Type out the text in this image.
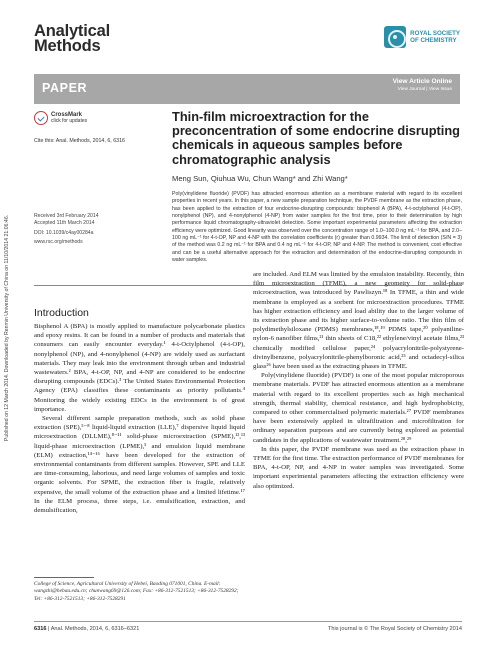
Published on 12 March 2014. Downloaded by Renmin University of China on 11/10/2014 21:06:46.
Analytical
Methods
ROYAL SOCIETY
OF CHEMISTRY
PAPER	View Article Online
View Journal | View Issue
CrossMark
click for updates
Cite this: Anal. Methods, 2014, 6, 6316
Thin-film microextraction for the preconcentration of some endocrine disrupting chemicals in aqueous samples before chromatographic analysis
Meng Sun, Qiuhua Wu, Chun Wang* and Zhi Wang*
Poly(vinylidene fluoride) (PVDF) has attracted enormous attention as a membrane material with regard to its excellent properties in recent years. In this paper, a new sample preparation technique, the PVDF membrane as the extraction phase, has been applied to the extraction of four endocrine-disrupting compounds: bisphenol A (BPA), 4-t-octylphenol (4-t-OP), nonylphenol (NP), and 4-nonylphenol (4-NP) from water samples for the first time, prior to their determination by high performance liquid chromatography-ultraviolet detection. Some important experimental parameters affecting the extraction efficiency were optimized. Good linearity was observed over the concentration range of 1.0–100.0 ng mL⁻¹ for BPA, and 2.0–100 ng mL⁻¹ for 4-t-OP, NP and 4-NP with the correlation coefficients (r) greater than 0.9934. The limit of detection (S/N = 3) of the method was 0.2 ng mL⁻¹ for BPA and 0.4 ng mL⁻¹ for 4-t-OP, NP and 4-NP. The method is convenient, cost effective and can be a useful alternative approach for the extraction and determination of the endocrine-disrupting compounds in water samples.
Received 3rd February 2014
Accepted 11th March 2014
DOI: 10.1039/c4ay00284a
www.rsc.org/methods
Introduction

Bisphenol A (BPA) is mostly applied to manufacture polycarbonate plastics and epoxy resins. It can be found in a number of products and materials that consumers can easily encounter everyday.¹ 4-t-Octylphenol (4-t-OP), nonylphenol (NP), and 4-nonylphenol (4-NP) are widely used as surfactant materials. They may leak into the environment through urban and industrial wastewaters.² BPA, 4-t-OP, NP, and 4-NP are considered to be endocrine disrupting compounds (EDCs).³ The United States Environmental Protection Agency (EPA) classifies these contaminants as priority pollutants.⁴ Monitoring the widely existing EDCs in the environment is of great importance.

Several different sample preparation methods, such as solid phase extraction (SPE),⁵⁻⁸ liquid-liquid extraction (LLE),⁷ dispersive liquid liquid microextraction (DLLME),⁸⁻¹¹ solid-phase microextraction (SPME),¹²,¹³ liquid-phase microextraction (LPME),⁵ and emulsion liquid membrane (ELM) extraction,¹⁴⁻¹⁶ have been developed for the extraction of environmental contaminants from different samples. However, SPE and LLE are time-consuming, laborious, and need large volumes of samples and toxic organic solvents. For SPME, the extraction fiber is fragile, relatively expensive, the small volume of the extraction phase and a limited lifetime.¹⁷ In the ELM process, three steps, i.e. emulsification, extraction, and demulsification,

are included. And ELM was limited by the emulsion instability. Recently, thin film microextraction (TFME), a new geometry for solid-phase microextraction, was introduced by Pawliszyn.¹⁸ In TFME, a thin and wide membrane is employed as a sorbent for microextraction procedures. TFME has higher extraction efficiency and load ability due to the larger volume of its extraction phase and its higher surface-to-volume ratio. The thin film of polydimethylsiloxane (PDMS) membranes,¹⁸,¹⁹ PDMS tape,²⁰ polyaniline-nylon-6 nanofiber films,²¹ thin sheets of C18,²² ethylene/vinyl acetate films,²³ chemically modified cellulose paper,²⁴ polyacrylonitrile-polystyrene-divinylbenzene, polyacrylonitrile-phenylboronic acid,²⁵ and octadecyl-silica glass²⁶ have been used as the extracting phases in TFME.

Poly(vinylidene fluoride) (PVDF) is one of the most popular microporous membrane materials. PVDF has attracted enormous attention as a membrane material with regard to its excellent properties such as high mechanical strength, thermal stability, chemical resistance, and high hydrophobicity, compared to other commercialised polymeric materials.²⁷ PVDF membranes have been extensively applied in ultrafiltration and microfiltration for ordinary separation purposes and are currently being explored as potential candidates in the applications of wastewater treatment.²⁸,²⁹

In this paper, the PVDF membrane was used as the extraction phase in TFME for the first time. The extraction performance of PVDF membranes for BPA, 4-t-OP, NP, and 4-NP in water samples was investigated. Some important experimental parameters affecting the extraction efficiency were also optimized.

College of Science, Agricultural University of Hebei, Baoding 071001, China. E-mail: wangzhi@hebau.edu.cn; chunwang69@126.com; Fax: +86-312-7521513; +86-312-7528292; Tel: +86-312-7521513; +86-312-7528291
6316 | Anal. Methods, 2014, 6, 6316–6321	This journal is © The Royal Society of Chemistry 2014
